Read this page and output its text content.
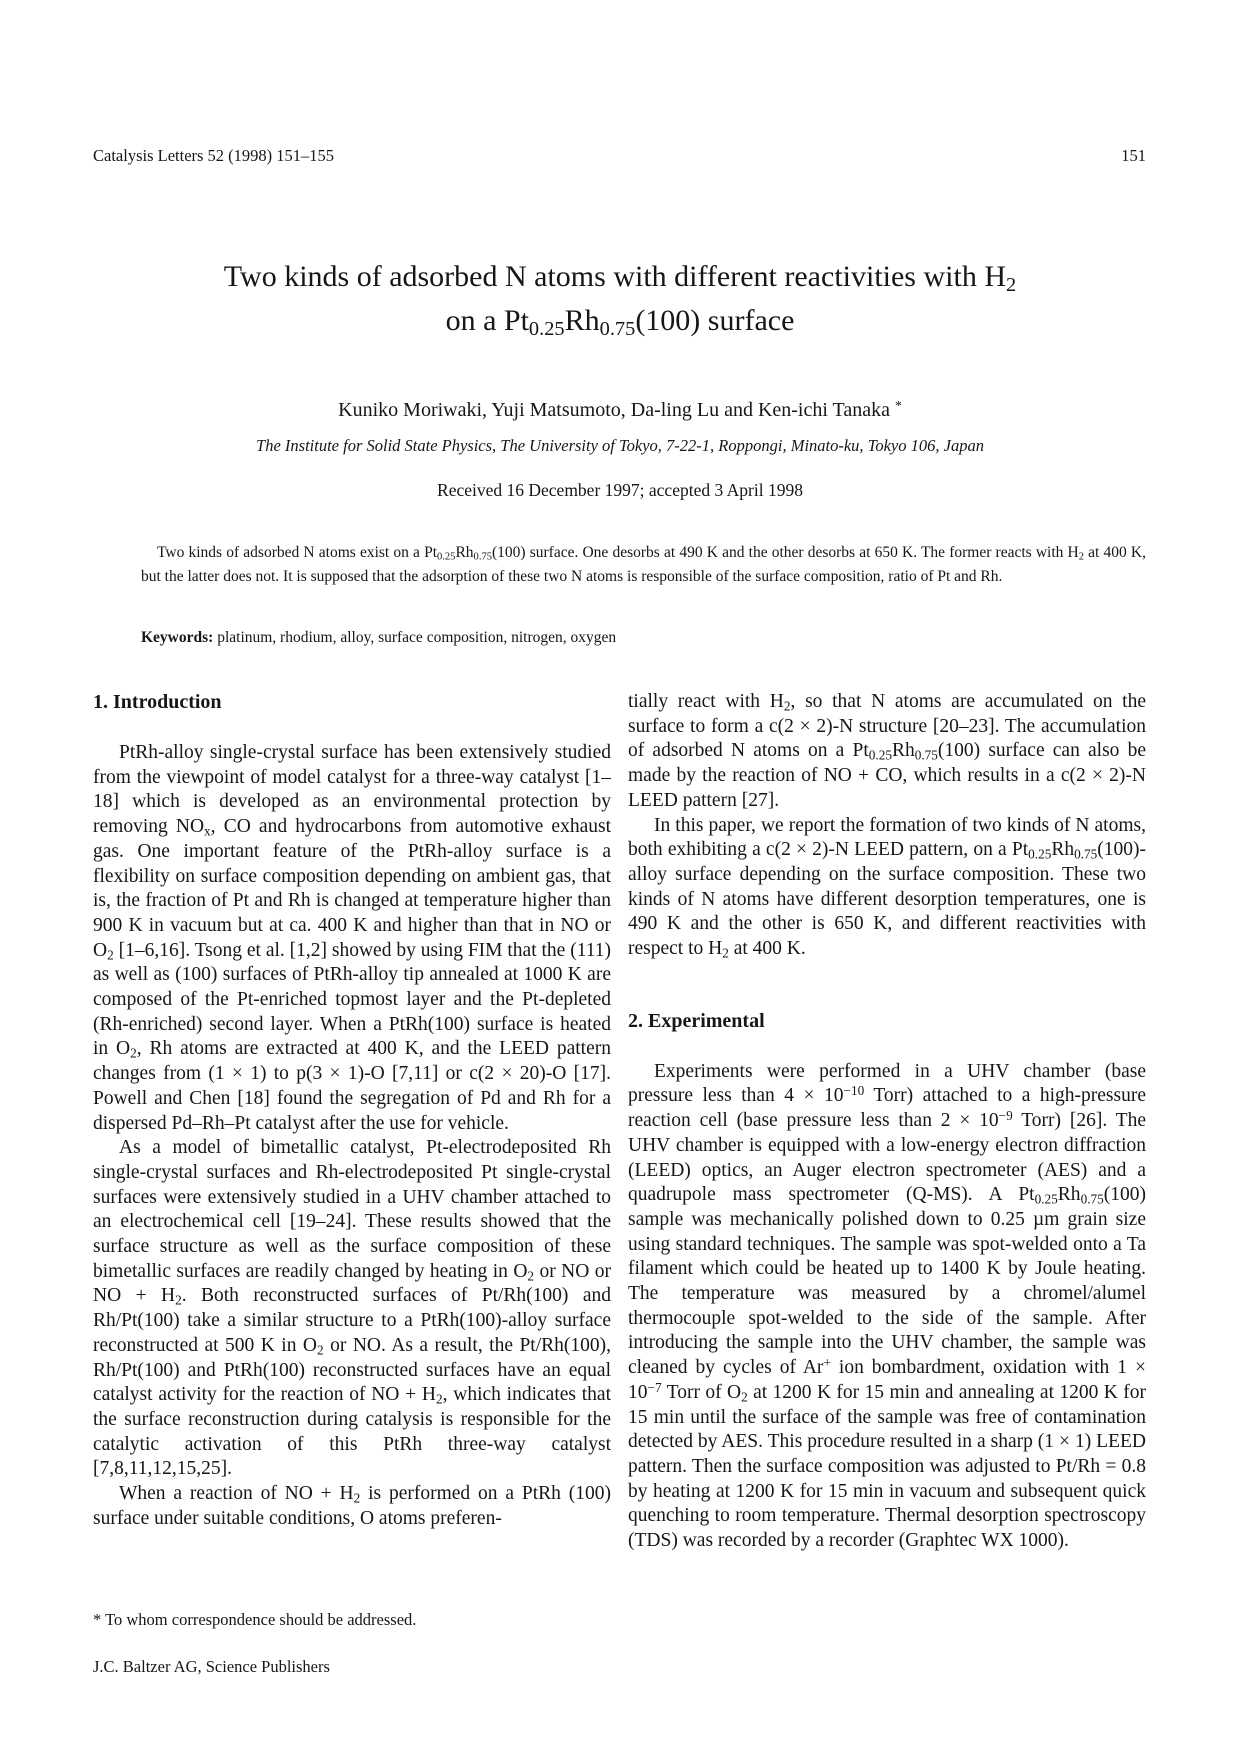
Catalysis Letters 52 (1998) 151–155	151
Two kinds of adsorbed N atoms with different reactivities with $H_2$
on a $Pt_{0.25}Rh_{0.75}(100)$ surface
Kuniko Moriwaki, Yuji Matsumoto, Da-ling Lu and Ken-ichi Tanaka *
The Institute for Solid State Physics, The University of Tokyo, 7-22-1, Roppongi, Minato-ku, Tokyo 106, Japan
Received 16 December 1997; accepted 3 April 1998
Two kinds of adsorbed N atoms exist on a $Pt_{0.25}Rh_{0.75}(100)$ surface. One desorbs at 490 K and the other desorbs at 650 K. The former reacts with $H_2$ at 400 K, but the latter does not. It is supposed that the adsorption of these two N atoms is responsible of the surface composition, ratio of Pt and Rh.
Keywords: platinum, rhodium, alloy, surface composition, nitrogen, oxygen
1. Introduction

PtRh-alloy single-crystal surface has been extensively studied from the viewpoint of model catalyst for a three-way catalyst [1–18] which is developed as an environmental protection by removing $NO_x$, CO and hydrocarbons from automotive exhaust gas. One important feature of the PtRh-alloy surface is a flexibility on surface composition depending on ambient gas, that is, the fraction of Pt and Rh is changed at temperature higher than 900 K in vacuum but at ca. 400 K and higher than that in NO or $O_2$ [1–6,16]. Tsong et al. [1,2] showed by using FIM that the (111) as well as (100) surfaces of PtRh-alloy tip annealed at 1000 K are composed of the Pt-enriched topmost layer and the Pt-depleted (Rh-enriched) second layer. When a PtRh(100) surface is heated in $O_2$, Rh atoms are extracted at 400 K, and the LEED pattern changes from (1 × 1) to p(3 × 1)-O [7,11] or c(2 × 20)-O [17]. Powell and Chen [18] found the segregation of Pd and Rh for a dispersed Pd–Rh–Pt catalyst after the use for vehicle.

As a model of bimetallic catalyst, Pt-electrodeposited Rh single-crystal surfaces and Rh-electrodeposited Pt single-crystal surfaces were extensively studied in a UHV chamber attached to an electrochemical cell [19–24]. These results showed that the surface structure as well as the surface composition of these bimetallic surfaces are readily changed by heating in $O_2$ or NO or NO + $H_2$. Both reconstructed surfaces of Pt/Rh(100) and Rh/Pt(100) take a similar structure to a PtRh(100)-alloy surface reconstructed at 500 K in $O_2$ or NO. As a result, the Pt/Rh(100), Rh/Pt(100) and PtRh(100) reconstructed surfaces have an equal catalyst activity for the reaction of NO + $H_2$, which indicates that the surface reconstruction during catalysis is responsible for the catalytic activation of this PtRh three-way catalyst [7,8,11,12,15,25].

When a reaction of NO + $H_2$ is performed on a PtRh (100) surface under suitable conditions, O atoms preferen-

tially react with $H_2$, so that N atoms are accumulated on the surface to form a c(2 × 2)-N structure [20–23]. The accumulation of adsorbed N atoms on a $Pt_{0.25}Rh_{0.75}(100)$ surface can also be made by the reaction of NO + CO, which results in a c(2 × 2)-N LEED pattern [27].

In this paper, we report the formation of two kinds of N atoms, both exhibiting a c(2 × 2)-N LEED pattern, on a $Pt_{0.25}Rh_{0.75}(100)$-alloy surface depending on the surface composition. These two kinds of N atoms have different desorption temperatures, one is 490 K and the other is 650 K, and different reactivities with respect to $H_2$ at 400 K.

2. Experimental

Experiments were performed in a UHV chamber (base pressure less than $4 \times 10^{-10}$ Torr) attached to a high-pressure reaction cell (base pressure less than $2 \times 10^{-9}$ Torr) [26]. The UHV chamber is equipped with a low-energy electron diffraction (LEED) optics, an Auger electron spectrometer (AES) and a quadrupole mass spectrometer (Q-MS). A $Pt_{0.25}Rh_{0.75}(100)$ sample was mechanically polished down to 0.25 µm grain size using standard techniques. The sample was spot-welded onto a Ta filament which could be heated up to 1400 K by Joule heating. The temperature was measured by a chromel/alumel thermocouple spot-welded to the side of the sample. After introducing the sample into the UHV chamber, the sample was cleaned by cycles of Ar+ ion bombardment, oxidation with $1 \times 10^{-7}$ Torr of $O_2$ at 1200 K for 15 min and annealing at 1200 K for 15 min until the surface of the sample was free of contamination detected by AES. This procedure resulted in a sharp (1 × 1) LEED pattern. Then the surface composition was adjusted to Pt/Rh = 0.8 by heating at 1200 K for 15 min in vacuum and subsequent quick quenching to room temperature. Thermal desorption spectroscopy (TDS) was recorded by a recorder (Graphtec WX 1000).

* To whom correspondence should be addressed.
J.C. Baltzer AG, Science Publishers
